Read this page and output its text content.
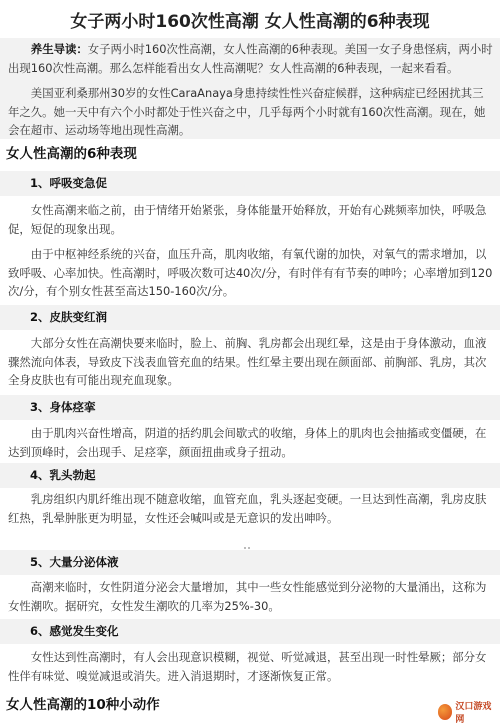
女子两小时160次性高潮 女人性高潮的6种表现

养生导读：女子两小时160次性高潮，女人性高潮的6种表现。美国一女子身患怪病，两小时出现160次性高潮。那么怎样能看出女人性高潮呢？女人性高潮的6种表现，一起来看看。

美国亚利桑那州30岁的女性CaraAnaya身患持续性性兴奋症候群，这种病症已经困扰其三年之久。她一天中有六个小时都处于性兴奋之中，几乎每两个小时就有160次性高潮。现在，她会在超市、运动场等地出现性高潮。

女人性高潮的6种表现
1、呼吸变急促

女性高潮来临之前，由于情绪开始紧张，身体能量开始释放，开始有心跳频率加快，呼吸急促，短促的现象出现。

由于中枢神经系统的兴奋，血压升高，肌肉收缩，有氧代谢的加快，对氧气的需求增加，以致呼吸、心率加快。性高潮时，呼吸次数可达40次/分，有时伴有有节奏的呻吟；心率增加到120次/分，有个别女性甚至高达150-160次/分。

2、皮肤变红润

大部分女性在高潮快要来临时，脸上、前胸、乳房都会出现红晕，这是由于身体激动，血液骤然流向体表，导致皮下浅表血管充血的结果。性红晕主要出现在颜面部、前胸部、乳房，其次全身皮肤也有可能出现充血现象。

3、身体痉挛

由于肌肉兴奋性增高，阴道的括约肌会间歇式的收缩，身体上的肌肉也会抽搐或变僵硬，在达到顶峰时，会出现手、足痉挛，颜面扭曲或身子扭动。

4、乳头勃起

乳房组织内肌纤维出现不随意收缩，血管充血，乳头逐起变硬。一旦达到性高潮，乳房皮肤红热，乳晕肿胀更为明显，女性还会喊叫或是无意识的发出呻吟。

5、大量分泌体液

高潮来临时，女性阴道分泌会大量增加，其中一些女性能感觉到分泌物的大量涌出，这称为女性潮吹。据研究，女性发生潮吹的几率为25%-30。

6、感觉发生变化

女性达到性高潮时，有人会出现意识模糊，视觉、听觉减退，甚至出现一时性晕厥；部分女性伴有味觉、嗅觉减退或消失。进入消退期时，才逐渐恢复正常。

女人性高潮的10种小动作	汉口游戏网
